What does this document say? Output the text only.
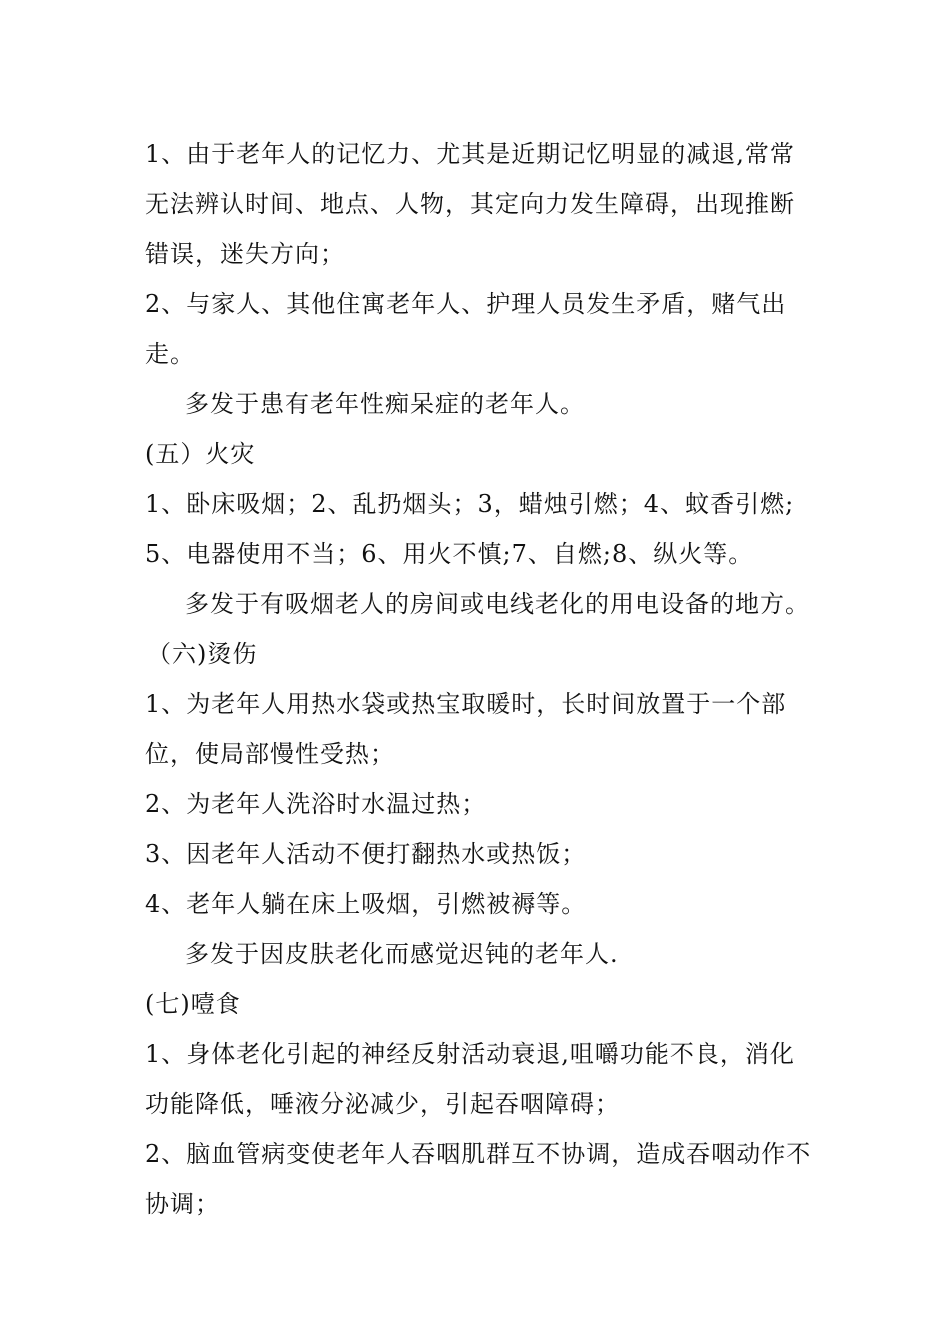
1、由于老年人的记忆力、尤其是近期记忆明显的减退,常常无法辨认时间、地点、人物，其定向力发生障碍，出现推断错误，迷失方向；

2、与家人、其他住寓老年人、护理人员发生矛盾，赌气出走。

多发于患有老年性痴呆症的老年人。

(五）火灾

1、卧床吸烟；2、乱扔烟头；3，蜡烛引燃；4、蚊香引燃;5、电器使用不当；6、用火不慎;7、自燃;8、纵火等。

多发于有吸烟老人的房间或电线老化的用电设备的地方。

（六)烫伤

1、为老年人用热水袋或热宝取暖时，长时间放置于一个部位，使局部慢性受热；

2、为老年人洗浴时水温过热；

3、因老年人活动不便打翻热水或热饭；

4、老年人躺在床上吸烟，引燃被褥等。

多发于因皮肤老化而感觉迟钝的老年人.

(七)噎食

1、身体老化引起的神经反射活动衰退,咀嚼功能不良，消化功能降低，唾液分泌减少，引起吞咽障碍；

2、脑血管病变使老年人吞咽肌群互不协调，造成吞咽动作不协调；
